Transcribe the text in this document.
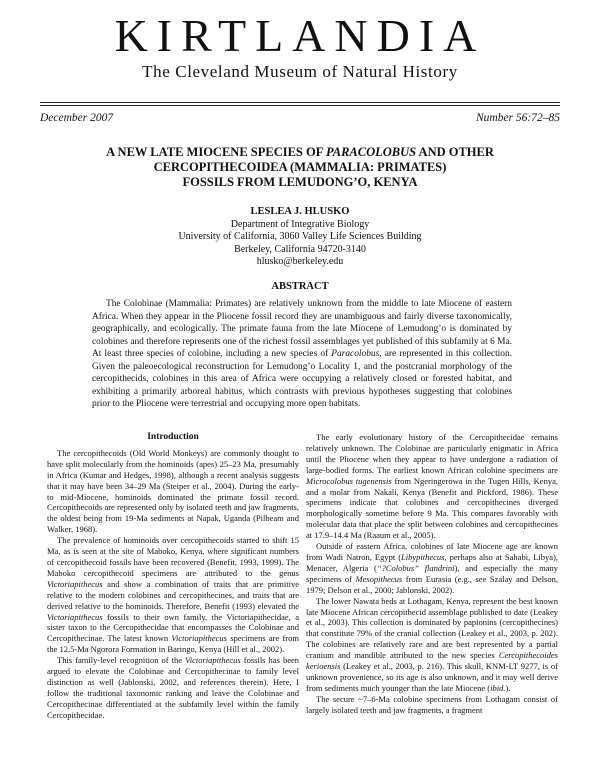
KIRTLANDIA
The Cleveland Museum of Natural History
December 2007	Number 56:72–85
A NEW LATE MIOCENE SPECIES OF PARACOLOBUS AND OTHER
CERCOPITHECOIDEA (MAMMALIA: PRIMATES)
FOSSILS FROM LEMUDONG’O, KENYA
LESLEA J. HLUSKO
Department of Integrative Biology
University of California, 3060 Valley Life Sciences Building
Berkeley, California 94720-3140
hlusko@berkeley.edu
ABSTRACT

The Colobinae (Mammalia: Primates) are relatively unknown from the middle to late Miocene of eastern Africa. When they appear in the Pliocene fossil record they are unambiguous and fairly diverse taxonomically, geographically, and ecologically. The primate fauna from the late Miocene of Lemudong’o is dominated by colobines and therefore represents one of the richest fossil assemblages yet published of this subfamily at 6 Ma. At least three species of colobine, including a new species of Paracolobus, are represented in this collection. Given the paleoecological reconstruction for Lemudong’o Locality 1, and the postcranial morphology of the cercopithecids, colobines in this area of Africa were occupying a relatively closed or forested habitat, and exhibiting a primarily arboreal habitus, which contrasts with previous hypotheses suggesting that colobines prior to the Pliocene were terrestrial and occupying more open habitats.

Introduction

The cercopithecoids (Old World Monkeys) are commonly thought to have split molecularly from the hominoids (apes) 25–23 Ma, presumably in Africa (Kumar and Hedges, 1998), although a recent analysis suggests that it may have been 34–29 Ma (Steiper et al., 2004). During the early- to mid-Miocene, hominoids dominated the primate fossil record. Cercopithecoids are represented only by isolated teeth and jaw fragments, the oldest being from 19-Ma sediments at Napak, Uganda (Pilbeam and Walker, 1968).

The prevalence of hominoids over cercopithecoids started to shift 15 Ma, as is seen at the site of Maboko, Kenya, where significant numbers of cercopithecoid fossils have been recovered (Benefit, 1993, 1999). The Maboko cercopithecoid specimens are attributed to the genus Victoriapithecus and show a combination of traits that are primitive relative to the modern colobines and cercopithecines, and traits that are derived relative to the hominoids. Therefore, Benefit (1993) elevated the Victoriapithecus fossils to their own family, the Victoriapithecidae, a sister taxon to the Cercopithecidae that encompasses the Colobinae and Cercopithecinae. The latest known Victoriapithecus specimens are from the 12.5-Ma Ngorora Formation in Baringo, Kenya (Hill et al., 2002).

This family-level recognition of the Victoriapithecus fossils has been argued to elevate the Colobinae and Cercopithecinae to family level distinction as well (Jablonski, 2002, and references therein). Here, I follow the traditional taxonomic ranking and leave the Colobinae and Cercopithecinae differentiated at the subfamily level within the family Cercopithecidae.

The early evolutionary history of the Cercopithecidae remains relatively unknown. The Colobinae are particularly enigmatic in Africa until the Pliocene when they appear to have undergone a radiation of large-bodied forms. The earliest known African colobine specimens are Microcolobus tugenensis from Ngeringerowa in the Tugen Hills, Kenya, and a molar from Nakali, Kenya (Benefit and Pickford, 1986). These specimens indicate that colobines and cercopithecines diverged morphologically sometime before 9 Ma. This compares favorably with molecular data that place the split between colobines and cercopithecines at 17.9–14.4 Ma (Raaum et al., 2005).

Outside of eastern Africa, colobines of late Miocene age are known from Wadi Natron, Egypt (Libypithecus, perhaps also at Sahabi, Libya), Menacer, Algeria (“?Colobus” flandrini), and especially the many specimens of Mesopithecus from Eurasia (e.g., see Szalay and Delson, 1979; Delson et al., 2000; Jablonski, 2002).

The lower Nawata beds at Lothagam, Kenya, represent the best known late Miocene African cercopithecid assemblage published to date (Leakey et al., 2003). This collection is dominated by papionins (cercopithecines) that constitute 79% of the cranial collection (Leakey et al., 2003, p. 202). The colobines are relatively rare and are best represented by a partial cranium and mandible attributed to the new species Cercopithecoides kerioensis (Leakey et al., 2003, p. 216). This skull, KNM-LT 9277, is of unknown provenience, so its age is also unknown, and it may well derive from sediments much younger than the late Miocene (ibid.).

The secure ~7–6-Ma colobine specimens from Lothagam consist of largely isolated teeth and jaw fragments, a fragment
